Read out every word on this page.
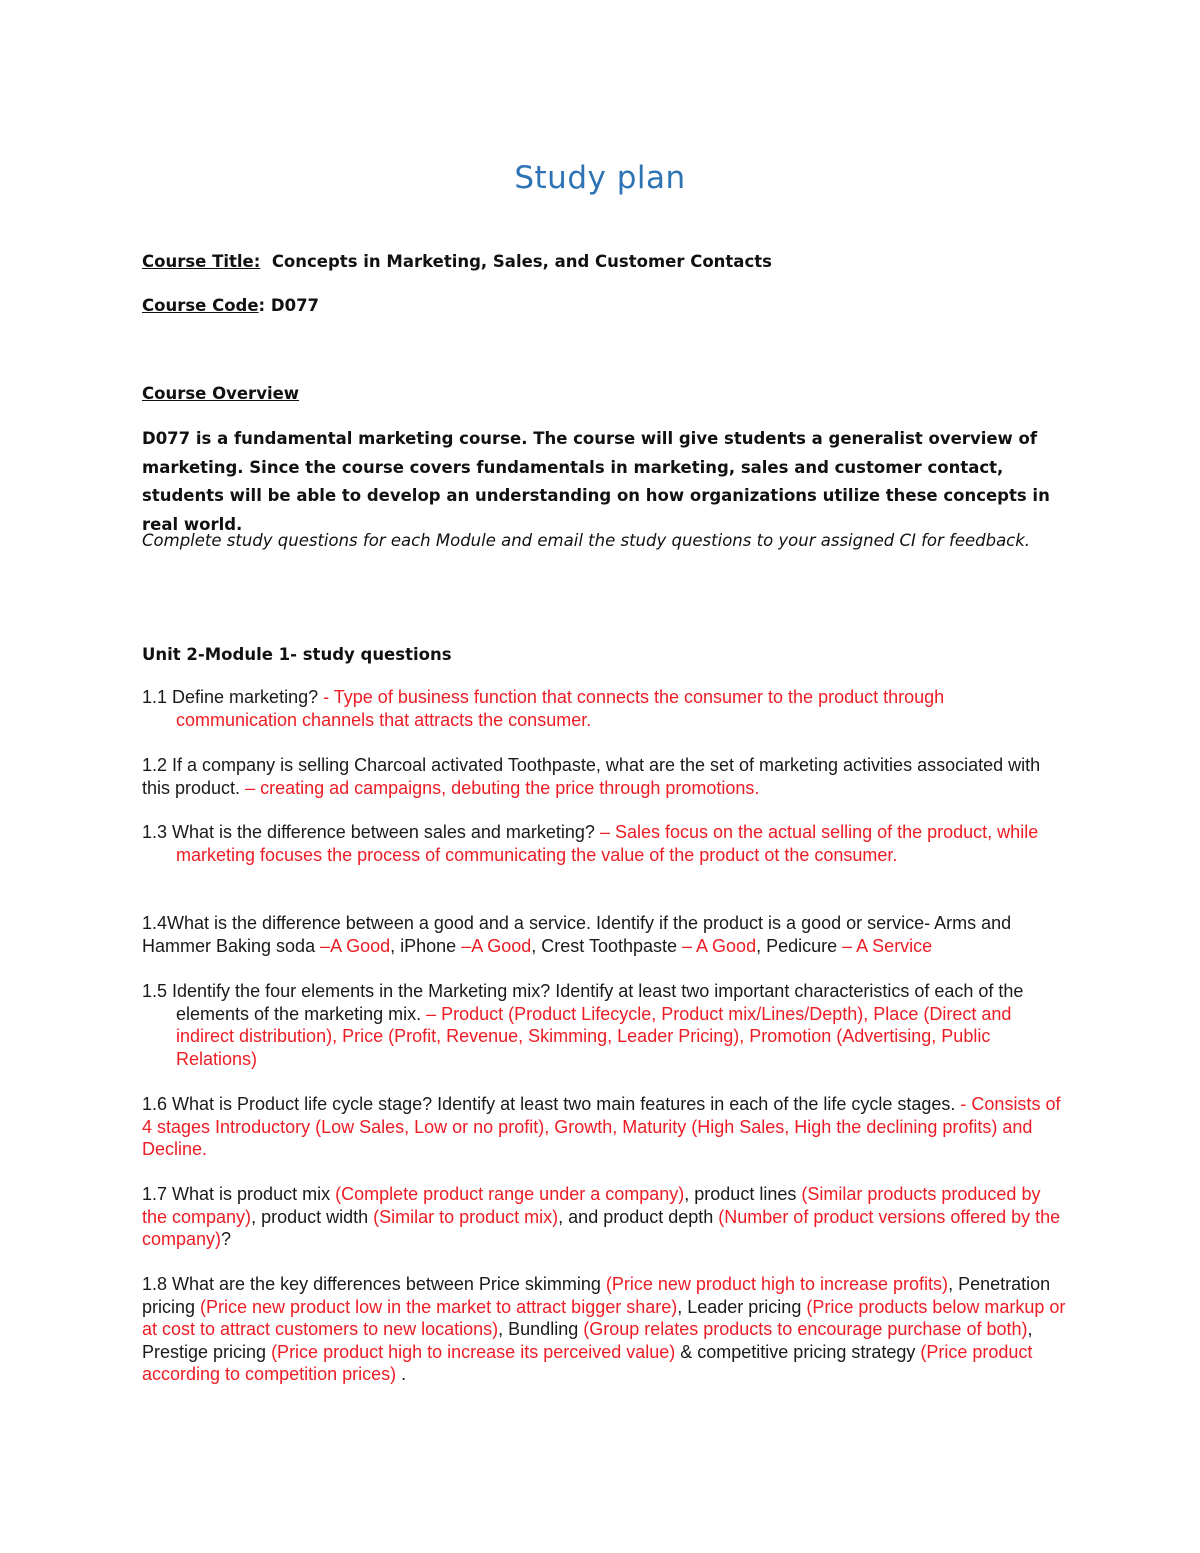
Study plan
Course Title: Concepts in Marketing, Sales, and Customer Contacts
Course Code: D077
Course Overview
D077 is a fundamental marketing course. The course will give students a generalist overview of marketing. Since the course covers fundamentals in marketing, sales and customer contact, students will be able to develop an understanding on how organizations utilize these concepts in real world.
Complete study questions for each Module and email the study questions to your assigned CI for feedback.
Unit 2-Module 1- study questions
1.1 Define marketing? - Type of business function that connects the consumer to the product through communication channels that attracts the consumer.
1.2 If a company is selling Charcoal activated Toothpaste, what are the set of marketing activities associated with this product. – creating ad campaigns, debuting the price through promotions.
1.3 What is the difference between sales and marketing? – Sales focus on the actual selling of the product, while marketing focuses the process of communicating the value of the product ot the consumer.
1.4What is the difference between a good and a service. Identify if the product is a good or service- Arms and Hammer Baking soda –A Good, iPhone –A Good, Crest Toothpaste – A Good, Pedicure – A Service
1.5 Identify the four elements in the Marketing mix? Identify at least two important characteristics of each of the elements of the marketing mix. – Product (Product Lifecycle, Product mix/Lines/Depth), Place (Direct and indirect distribution), Price (Profit, Revenue, Skimming, Leader Pricing), Promotion (Advertising, Public Relations)
1.6 What is Product life cycle stage? Identify at least two main features in each of the life cycle stages. - Consists of 4 stages Introductory (Low Sales, Low or no profit), Growth, Maturity (High Sales, High the declining profits) and Decline.
1.7 What is product mix (Complete product range under a company), product lines (Similar products produced by the company), product width (Similar to product mix), and product depth (Number of product versions offered by the company)?
1.8 What are the key differences between Price skimming (Price new product high to increase profits), Penetration pricing (Price new product low in the market to attract bigger share), Leader pricing (Price products below markup or at cost to attract customers to new locations), Bundling (Group relates products to encourage purchase of both), Prestige pricing (Price product high to increase its perceived value) & competitive pricing strategy (Price product according to competition prices) .
